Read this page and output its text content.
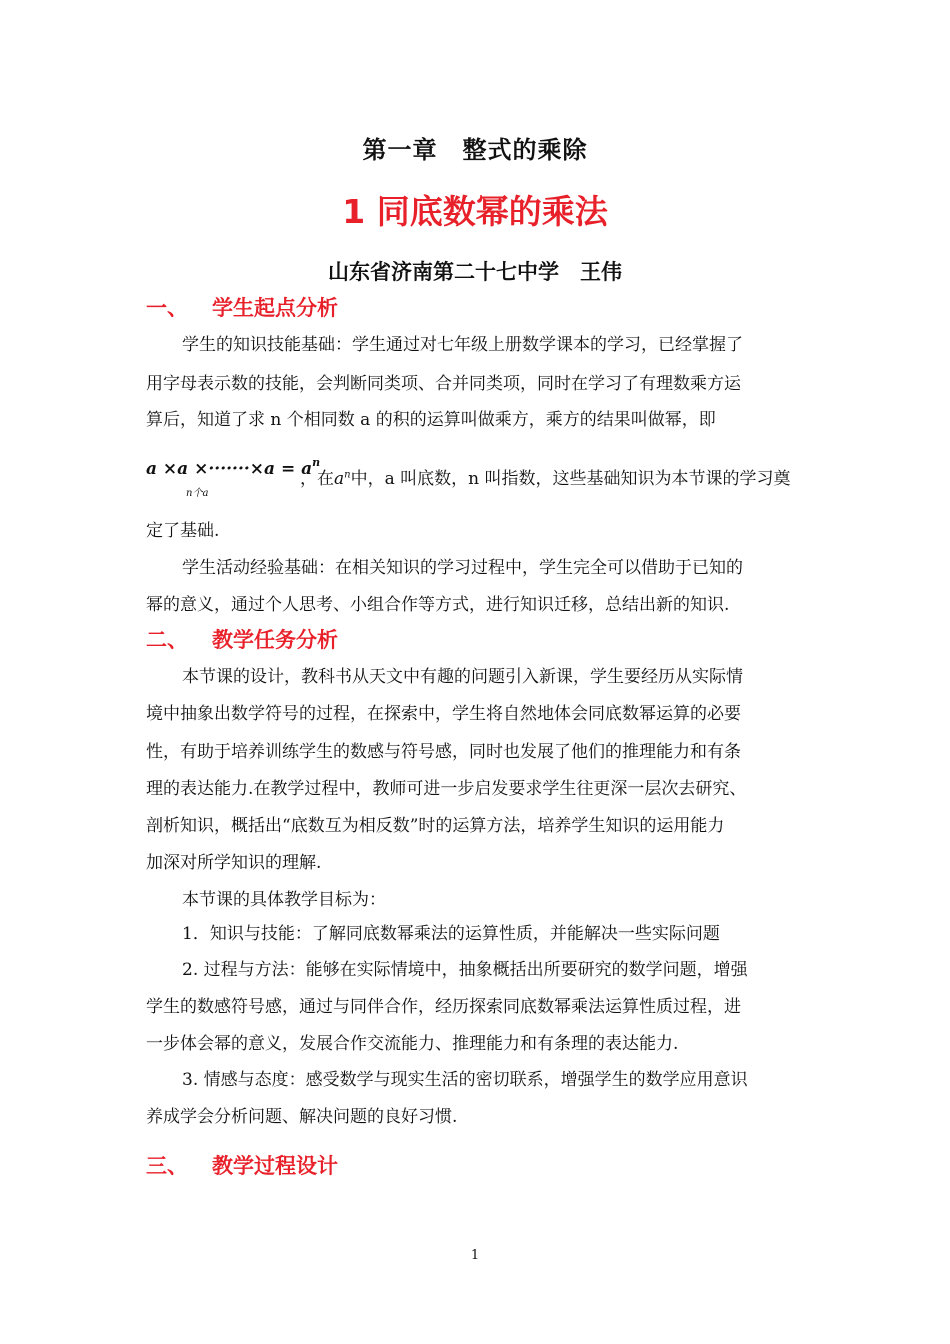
第一章　整式的乘除
1 同底数幂的乘法
山东省济南第二十七中学　王伟
一、 学生起点分析
学生的知识技能基础：学生通过对七年级上册数学课本的学习，已经掌握了
用字母表示数的技能，会判断同类项、合并同类项，同时在学习了有理数乘方运
算后，知道了求 n 个相同数 a 的积的运算叫做乘方，乘方的结果叫做幂，即
$a \times a \times\cdot\cdot\cdot\cdot\cdot\cdot\cdot\times a = a^n$
n个a
，在$a^n$中，a 叫底数，n 叫指数，这些基础知识为本节课的学习奠
定了基础.
学生活动经验基础：在相关知识的学习过程中，学生完全可以借助于已知的
幂的意义，通过个人思考、小组合作等方式，进行知识迁移，总结出新的知识.
二、 教学任务分析
本节课的设计，教科书从天文中有趣的问题引入新课，学生要经历从实际情
境中抽象出数学符号的过程，在探索中，学生将自然地体会同底数幂运算的必要
性，有助于培养训练学生的数感与符号感，同时也发展了他们的推理能力和有条
理的表达能力.在教学过程中，教师可进一步启发要求学生往更深一层次去研究、
剖析知识，概括出“底数互为相反数”时的运算方法，培养学生知识的运用能力
加深对所学知识的理解.
本节课的具体教学目标为：
1．知识与技能：了解同底数幂乘法的运算性质，并能解决一些实际问题
2. 过程与方法：能够在实际情境中，抽象概括出所要研究的数学问题，增强
学生的数感符号感，通过与同伴合作，经历探索同底数幂乘法运算性质过程，进
一步体会幂的意义，发展合作交流能力、推理能力和有条理的表达能力.
3. 情感与态度：感受数学与现实生活的密切联系，增强学生的数学应用意识
养成学会分析问题、解决问题的良好习惯.
三、 教学过程设计
1
